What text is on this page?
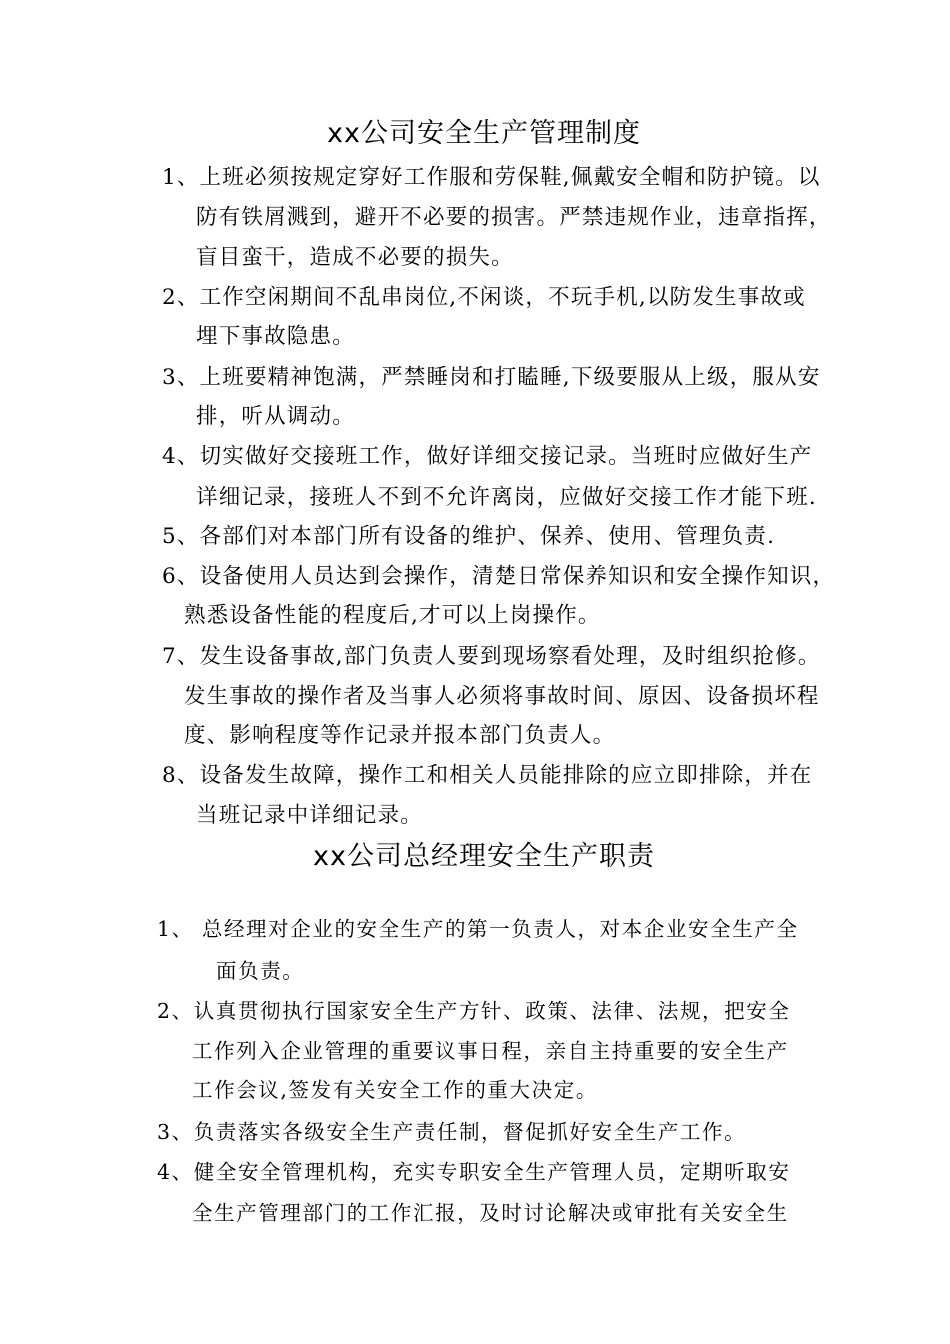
xx公司安全生产管理制度
1、上班必须按规定穿好工作服和劳保鞋,佩戴安全帽和防护镜。以
防有铁屑溅到，避开不必要的损害。严禁违规作业，违章指挥，
盲目蛮干，造成不必要的损失。
2、工作空闲期间不乱串岗位,不闲谈，不玩手机,以防发生事故或
埋下事故隐患。
3、上班要精神饱满，严禁睡岗和打瞌睡,下级要服从上级，服从安
排，听从调动。
4、切实做好交接班工作，做好详细交接记录。当班时应做好生产
详细记录，接班人不到不允许离岗，应做好交接工作才能下班.
5、各部们对本部门所有设备的维护、保养、使用、管理负责.
6、设备使用人员达到会操作，清楚日常保养知识和安全操作知识，
熟悉设备性能的程度后,才可以上岗操作。
7、发生设备事故,部门负责人要到现场察看处理，及时组织抢修。
发生事故的操作者及当事人必须将事故时间、原因、设备损坏程
度、影响程度等作记录并报本部门负责人。
8、设备发生故障，操作工和相关人员能排除的应立即排除，并在
当班记录中详细记录。
xx公司总经理安全生产职责
1、 总经理对企业的安全生产的第一负责人，对本企业安全生产全
面负责。
2、认真贯彻执行国家安全生产方针、政策、法律、法规，把安全
工作列入企业管理的重要议事日程，亲自主持重要的安全生产
工作会议,签发有关安全工作的重大决定。
3、负责落实各级安全生产责任制，督促抓好安全生产工作。
4、健全安全管理机构，充实专职安全生产管理人员，定期听取安
全生产管理部门的工作汇报，及时讨论解决或审批有关安全生
